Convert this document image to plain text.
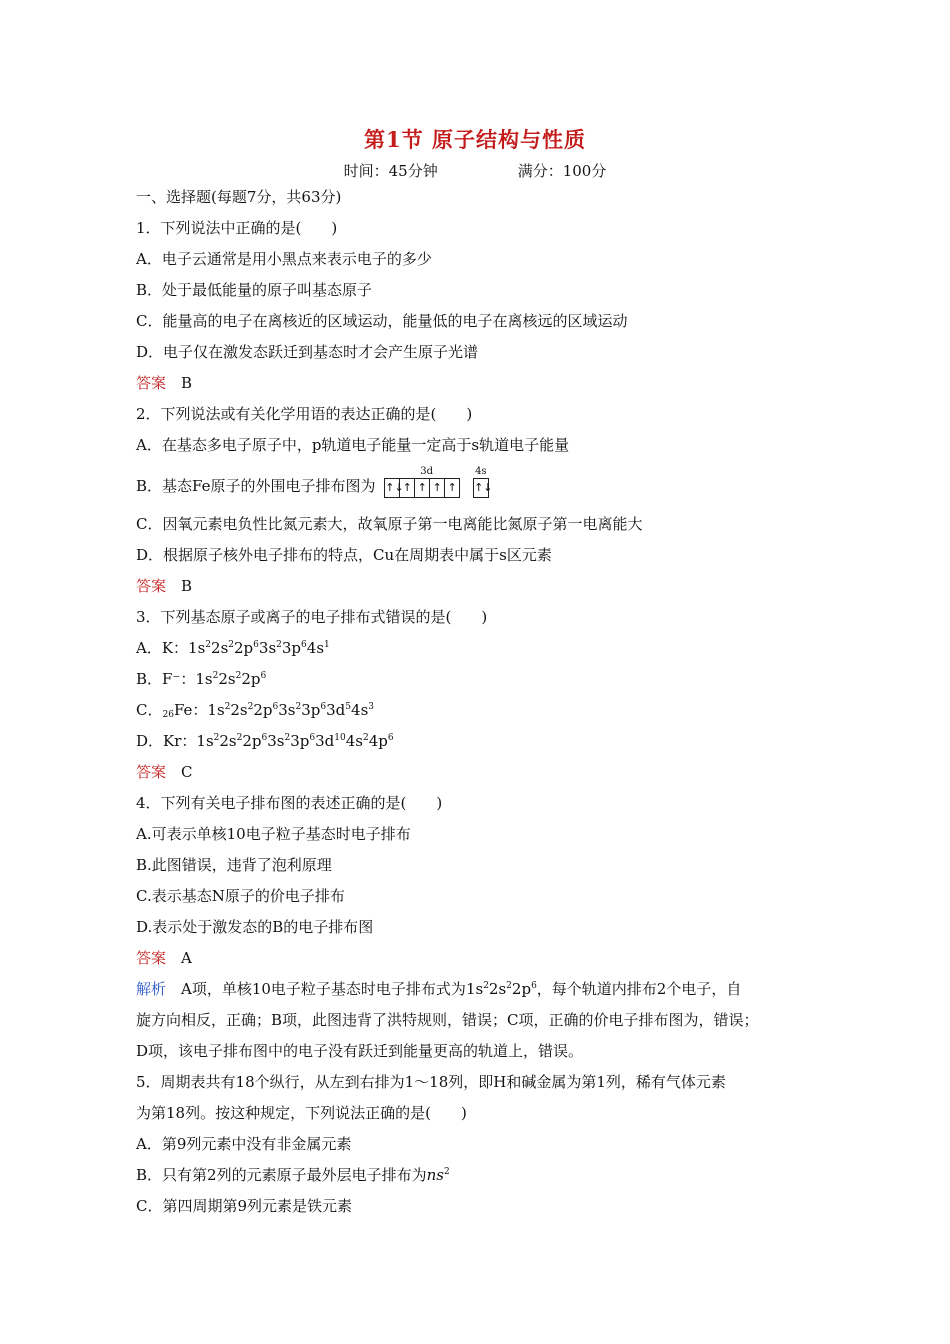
第1节 原子结构与性质
时间：45分钟	满分：100分
一、选择题(每题7分，共63分)
1．下列说法中正确的是(　　)
A．电子云通常是用小黑点来表示电子的多少
B．处于最低能量的原子叫基态原子
C．能量高的电子在离核近的区域运动，能量低的电子在离核远的区域运动
D．电子仅在激发态跃迁到基态时才会产生原子光谱
答案　 B
2．下列说法或有关化学用语的表达正确的是(　　)
A．在基态多电子原子中，p轨道电子能量一定高于s轨道电子能量
B．基态Fe原子的外围电子排布图为
3d
↑↓
↑ ↑ ↑ ↑

4s
↑↓
C．因氧元素电负性比氮元素大，故氧原子第一电离能比氮原子第一电离能大
D．根据原子核外电子排布的特点，Cu在周期表中属于s区元素
答案　 B
3．下列基态原子或离子的电子排布式错误的是(　　)
A．K：$1s^22s^22p^63s^23p^64s^1$
B．F⁻：$1s^22s^22p^6$
C．$_{26}$Fe：$1s^22s^22p^63s^23p^63d^54s^3$
D．Kr：$1s^22s^22p^63s^23p^63d^{10}4s^24p^6$
答案　 C
4．下列有关电子排布图的表述正确的是(　　)
A.可表示单核10电子粒子基态时电子排布
B.此图错误，违背了泡利原理
C.表示基态N原子的价电子排布
D.表示处于激发态的B的电子排布图
答案　 A
解析　A项，单核10电子粒子基态时电子排布式为$1s^22s^22p^6$，每个轨道内排布2个电子，自
旋方向相反，正确；B项，此图违背了洪特规则，错误；C项，正确的价电子排布图为，错误；
D项，该电子排布图中的电子没有跃迁到能量更高的轨道上，错误。
5．周期表共有18个纵行，从左到右排为1～18列，即H和碱金属为第1列，稀有气体元素
为第18列。按这种规定，下列说法正确的是(　　)
A．第9列元素中没有非金属元素
B．只有第2列的元素原子最外层电子排布为$ns^2$
C．第四周期第9列元素是铁元素
